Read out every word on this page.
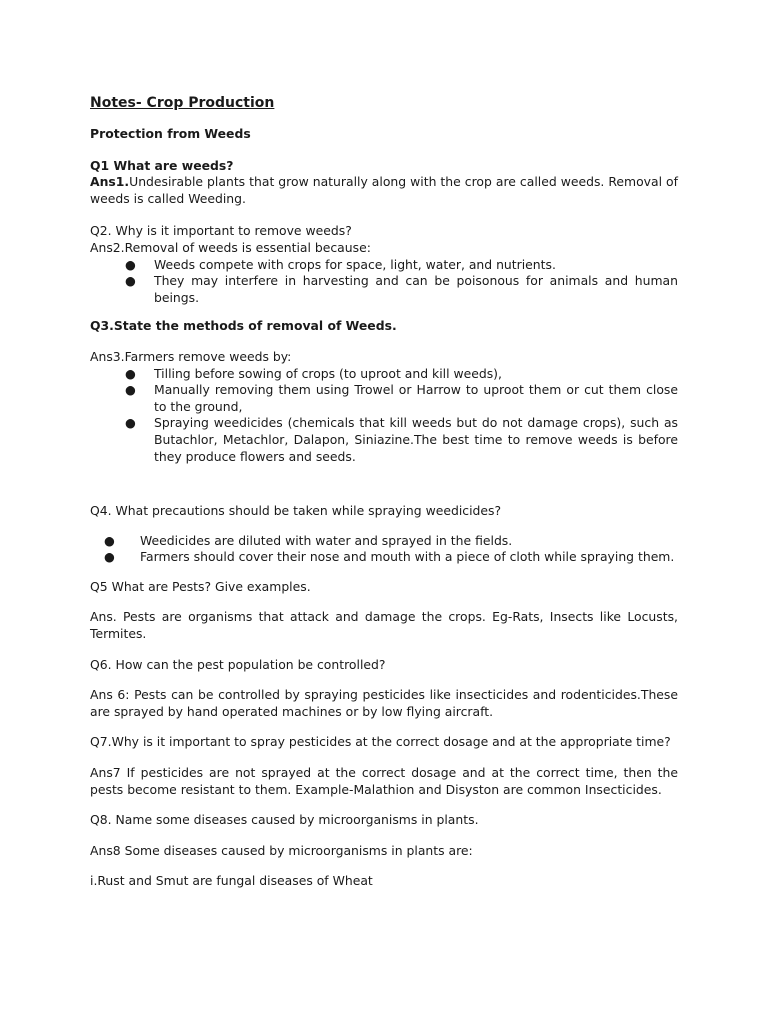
Notes- Crop Production

Protection from Weeds

Q1 What are weeds?

Ans1.Undesirable plants that grow naturally along with the crop are called weeds. Removal of weeds is called Weeding.

Q2. Why is it important to remove weeds?

Ans2.Removal of weeds is essential because:

● Weeds compete with crops for space, light, water, and nutrients.
● They may interfere in harvesting and can be poisonous for animals and human beings.

Q3.State the methods of removal of Weeds.

Ans3.Farmers remove weeds by:

● Tilling before sowing of crops (to uproot and kill weeds),
● Manually removing them using Trowel or Harrow to uproot them or cut them close to the ground,
● Spraying weedicides (chemicals that kill weeds but do not damage crops), such as Butachlor, Metachlor, Dalapon, Siniazine.The best time to remove weeds is before they produce flowers and seeds.

Q4. What precautions should be taken while spraying weedicides?

● Weedicides are diluted with water and sprayed in the fields.
● Farmers should cover their nose and mouth with a piece of cloth while spraying them.

Q5 What are Pests? Give examples.

Ans. Pests are organisms that attack and damage the crops. Eg-Rats, Insects like Locusts, Termites.

Q6. How can the pest population be controlled?

Ans 6: Pests can be controlled by spraying pesticides like insecticides and rodenticides.These are sprayed by hand operated machines or by low flying aircraft.

Q7.Why is it important to spray pesticides at the correct dosage and at the appropriate time?

Ans7 If pesticides are not sprayed at the correct dosage and at the correct time, then the pests become resistant to them. Example-Malathion and Disyston are common Insecticides.

Q8. Name some diseases caused by microorganisms in plants.

Ans8 Some diseases caused by microorganisms in plants are:

i.Rust and Smut are fungal diseases of Wheat
